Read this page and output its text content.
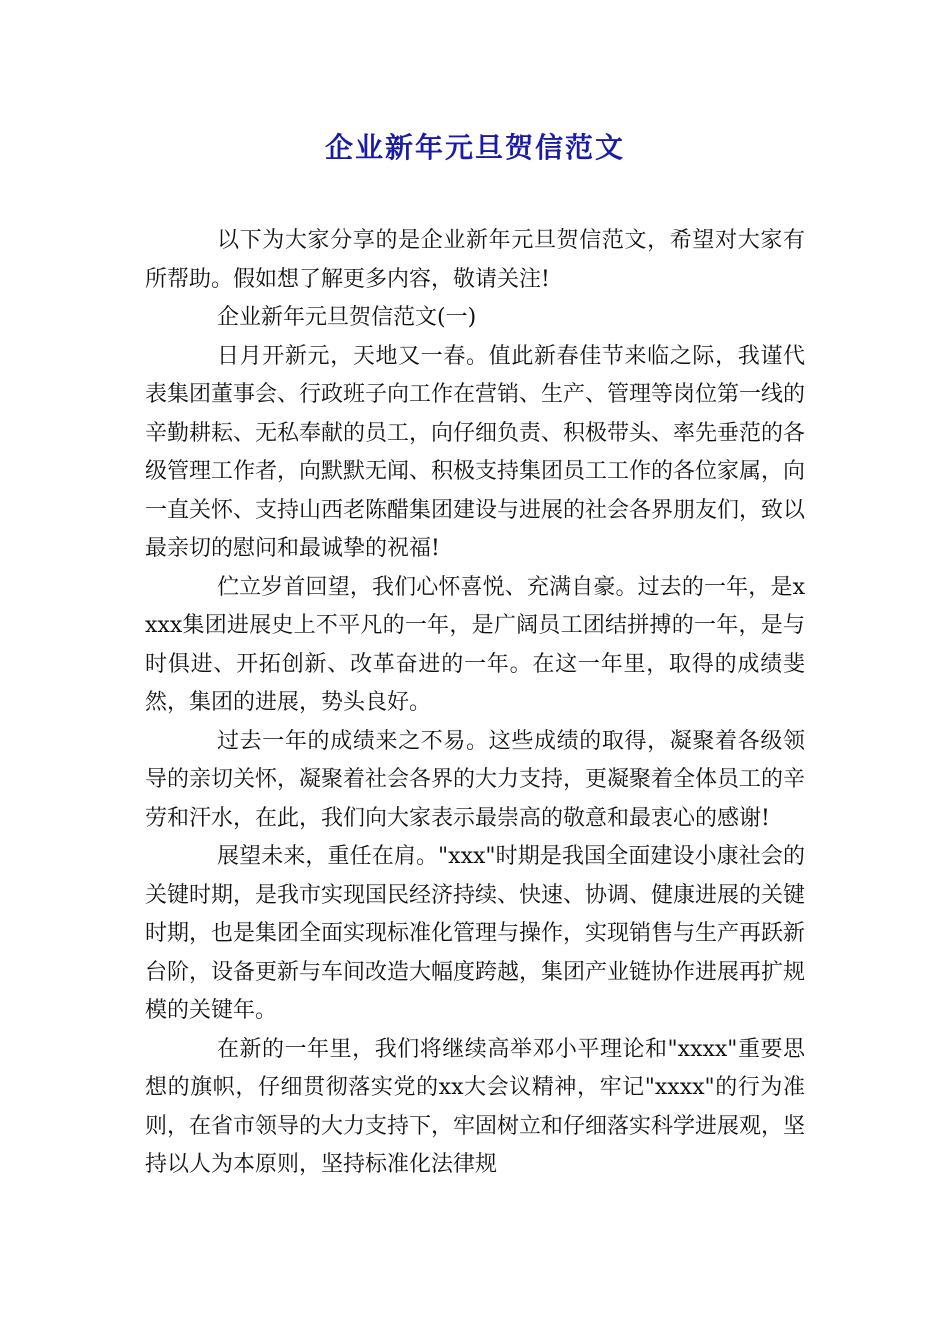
企业新年元旦贺信范文

以下为大家分享的是企业新年元旦贺信范文，希望对大家有所帮助。假如想了解更多内容，敬请关注!

企业新年元旦贺信范文(一)

日月开新元，天地又一春。值此新春佳节来临之际，我谨代表集团董事会、行政班子向工作在营销、生产、管理等岗位第一线的辛勤耕耘、无私奉献的员工，向仔细负责、积极带头、率先垂范的各级管理工作者，向默默无闻、积极支持集团员工工作的各位家属，向一直关怀、支持山西老陈醋集团建设与进展的社会各界朋友们，致以最亲切的慰问和最诚挚的祝福!

伫立岁首回望，我们心怀喜悦、充满自豪。过去的一年，是xxxx集团进展史上不平凡的一年，是广阔员工团结拼搏的一年，是与时俱进、开拓创新、改革奋进的一年。在这一年里，取得的成绩斐然，集团的进展，势头良好。

过去一年的成绩来之不易。这些成绩的取得，凝聚着各级领导的亲切关怀，凝聚着社会各界的大力支持，更凝聚着全体员工的辛劳和汗水，在此，我们向大家表示最崇高的敬意和最衷心的感谢!

展望未来，重任在肩。"xxx"时期是我国全面建设小康社会的关键时期，是我市实现国民经济持续、快速、协调、健康进展的关键时期，也是集团全面实现标准化管理与操作，实现销售与生产再跃新台阶，设备更新与车间改造大幅度跨越，集团产业链协作进展再扩规模的关键年。

在新的一年里，我们将继续高举邓小平理论和"xxxx"重要思想的旗帜，仔细贯彻落实党的xx大会议精神，牢记"xxxx"的行为准则，在省市领导的大力支持下，牢固树立和仔细落实科学进展观，坚持以人为本原则，坚持标准化法律规
